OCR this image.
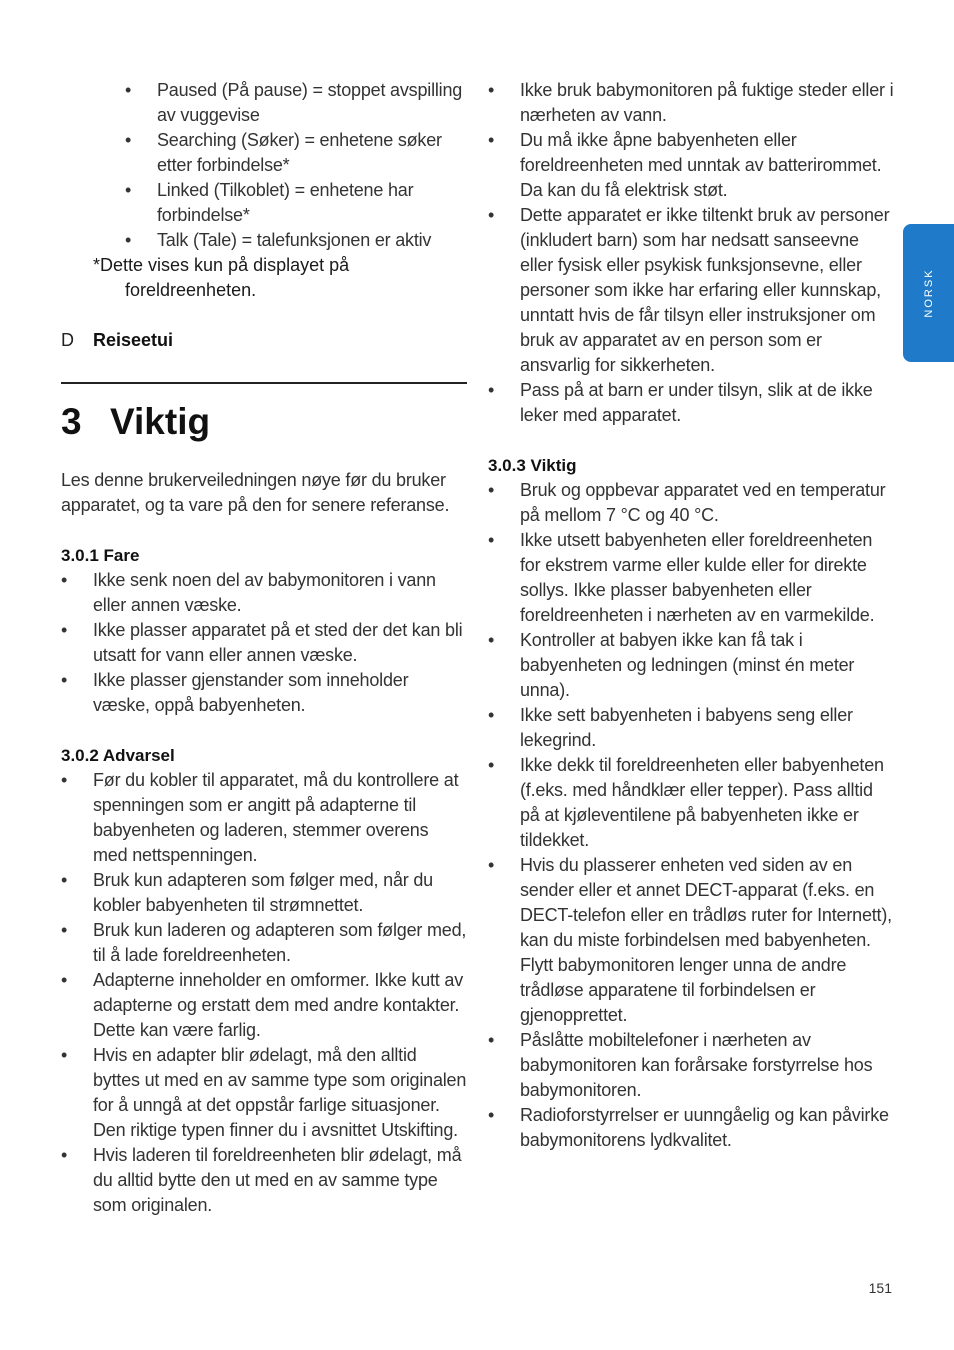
•	Paused (På pause) = stoppet avspilling av vuggevise
•	Searching (Søker) = enhetene søker etter forbindelse*
•	Linked (Tilkoblet) = enhetene har forbindelse*
•	Talk (Tale) = talefunksjonen er aktiv
*Dette vises kun på displayet på foreldreenheten.
D	Reiseetui
3 Viktig
Les denne brukerveiledningen nøye før du bruker apparatet, og ta vare på den for senere referanse.
3.0.1 Fare
•	Ikke senk noen del av babymonitoren i vann eller annen væske.
•	Ikke plasser apparatet på et sted der det kan bli utsatt for vann eller annen væske.
•	Ikke plasser gjenstander som inneholder væske, oppå babyenheten.
3.0.2 Advarsel
•	Før du kobler til apparatet, må du kontrollere at spenningen som er angitt på adapterne til babyenheten og laderen, stemmer overens med nettspenningen.
•	Bruk kun adapteren som følger med, når du kobler babyenheten til strømnettet.
•	Bruk kun laderen og adapteren som følger med, til å lade foreldreenheten.
•	Adapterne inneholder en omformer. Ikke kutt av adapterne og erstatt dem med andre kontakter. Dette kan være farlig.
•	Hvis en adapter blir ødelagt, må den alltid byttes ut med en av samme type som originalen for å unngå at det oppstår farlige situasjoner. Den riktige typen finner du i avsnittet Utskifting.
•	Hvis laderen til foreldreenheten blir ødelagt, må du alltid bytte den ut med en av samme type som originalen.
•	Ikke bruk babymonitoren på fuktige steder eller i nærheten av vann.
•	Du må ikke åpne babyenheten eller foreldreenheten med unntak av batterirommet. Da kan du få elektrisk støt.
•	Dette apparatet er ikke tiltenkt bruk av personer (inkludert barn) som har nedsatt sanseevne eller fysisk eller psykisk funksjonsevne, eller personer som ikke har erfaring eller kunnskap, unntatt hvis de får tilsyn eller instruksjoner om bruk av apparatet av en person som er ansvarlig for sikkerheten.
•	Pass på at barn er under tilsyn, slik at de ikke leker med apparatet.
3.0.3 Viktig
•	Bruk og oppbevar apparatet ved en temperatur på mellom 7 °C og 40 °C.
•	Ikke utsett babyenheten eller foreldreenheten for ekstrem varme eller kulde eller for direkte sollys. Ikke plasser babyenheten eller foreldreenheten i nærheten av en varmekilde.
•	Kontroller at babyen ikke kan få tak i babyenheten og ledningen (minst én meter unna).
•	Ikke sett babyenheten i babyens seng eller lekegrind.
•	Ikke dekk til foreldreenheten eller babyenheten (f.eks. med håndklær eller tepper). Pass alltid på at kjøleventilene på babyenheten ikke er tildekket.
•	Hvis du plasserer enheten ved siden av en sender eller et annet DECT-apparat (f.eks. en DECT-telefon eller en trådløs ruter for Internett), kan du miste forbindelsen med babyenheten. Flytt babymonitoren lenger unna de andre trådløse apparatene til forbindelsen er gjenopprettet.
•	Påslåtte mobiltelefoner i nærheten av babymonitoren kan forårsake forstyrrelse hos babymonitoren.
•	Radioforstyrrelser er uunngåelig og kan påvirke babymonitorens lydkvalitet.
NORSK
151
